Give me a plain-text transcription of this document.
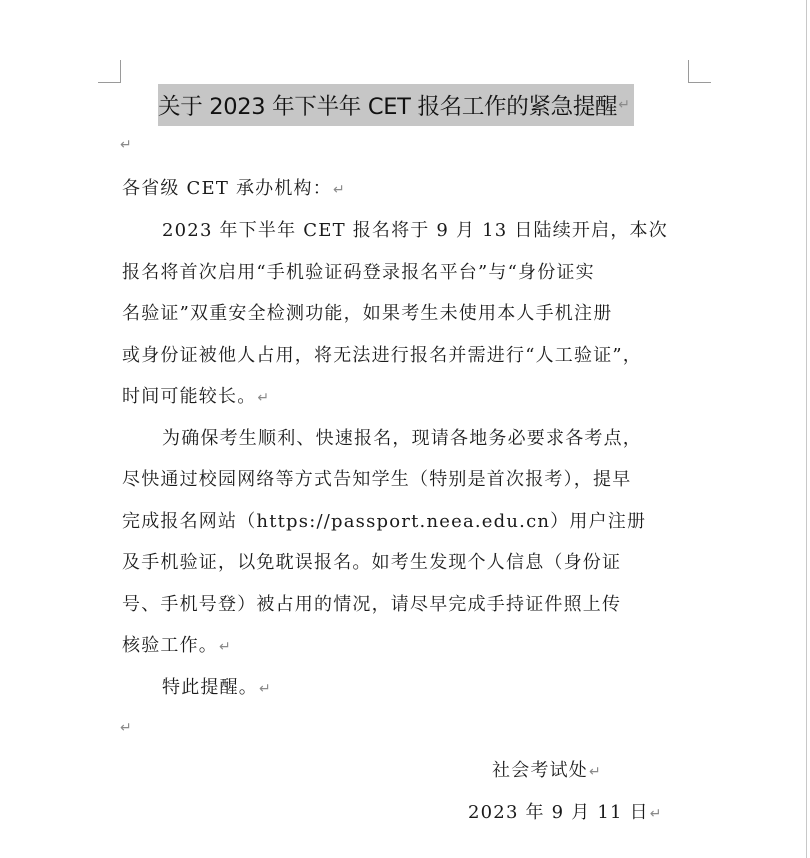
关于 2023 年下半年 CET 报名工作的紧急提醒 ↵
↵
各省级 CET 承办机构：↵
2023 年下半年 CET 报名将于 9 月 13 日陆续开启，本次
报名将首次启用“手机验证码登录报名平台”与“身份证实
名验证”双重安全检测功能，如果考生未使用本人手机注册
或身份证被他人占用，将无法进行报名并需进行“人工验证”，
时间可能较长。↵
为确保考生顺利、快速报名，现请各地务必要求各考点，
尽快通过校园网络等方式告知学生（特别是首次报考），提早
完成报名网站（https://passport.neea.edu.cn）用户注册
及手机验证，以免耽误报名。如考生发现个人信息（身份证
号、手机号登）被占用的情况，请尽早完成手持证件照上传
核验工作。↵
特此提醒。↵
↵
社会考试处↵
2023 年 9 月 11 日↵
